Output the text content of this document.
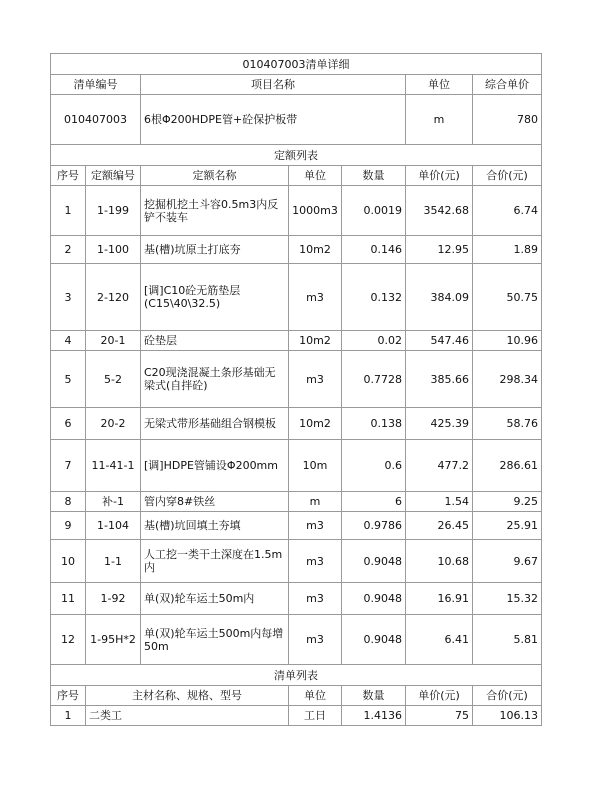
010407003清单详细						
清单编号		项目名称			单位	综合单价
010407003		6根Φ200HDPE管+砼保护板带			m	780
定额列表						
序号	定额编号	定额名称	单位	数量	单价(元)	合价(元)
1	1-199	挖掘机挖土斗容0.5m3内反铲不装车	1000m3	0.0019	3542.68	6.74
2	1-100	基(槽)坑原土打底夯	10m2	0.146	12.95	1.89
3	2-120	[调]C10砼无筋垫层(C15\40\32.5)	m3	0.132	384.09	50.75
4	20-1	砼垫层	10m2	0.02	547.46	10.96
5	5-2	C20现浇混凝土条形基础无梁式(自拌砼)	m3	0.7728	385.66	298.34
6	20-2	无梁式带形基础组合钢模板	10m2	0.138	425.39	58.76
7	11-41-1	[调]HDPE管铺设Φ200mm	10m	0.6	477.2	286.61
8	补-1	管内穿8#铁丝	m	6	1.54	9.25
9	1-104	基(槽)坑回填土夯填	m3	0.9786	26.45	25.91
10	1-1	人工挖一类干土深度在1.5m内	m3	0.9048	10.68	9.67
11	1-92	单(双)轮车运土50m内	m3	0.9048	16.91	15.32
12	1-95H*2	单(双)轮车运土500m内每增50m	m3	0.9048	6.41	5.81
清单列表						
序号	主材名称、规格、型号		单位	数量	单价(元)	合价(元)
1	二类工		工日	1.4136	75	106.13
